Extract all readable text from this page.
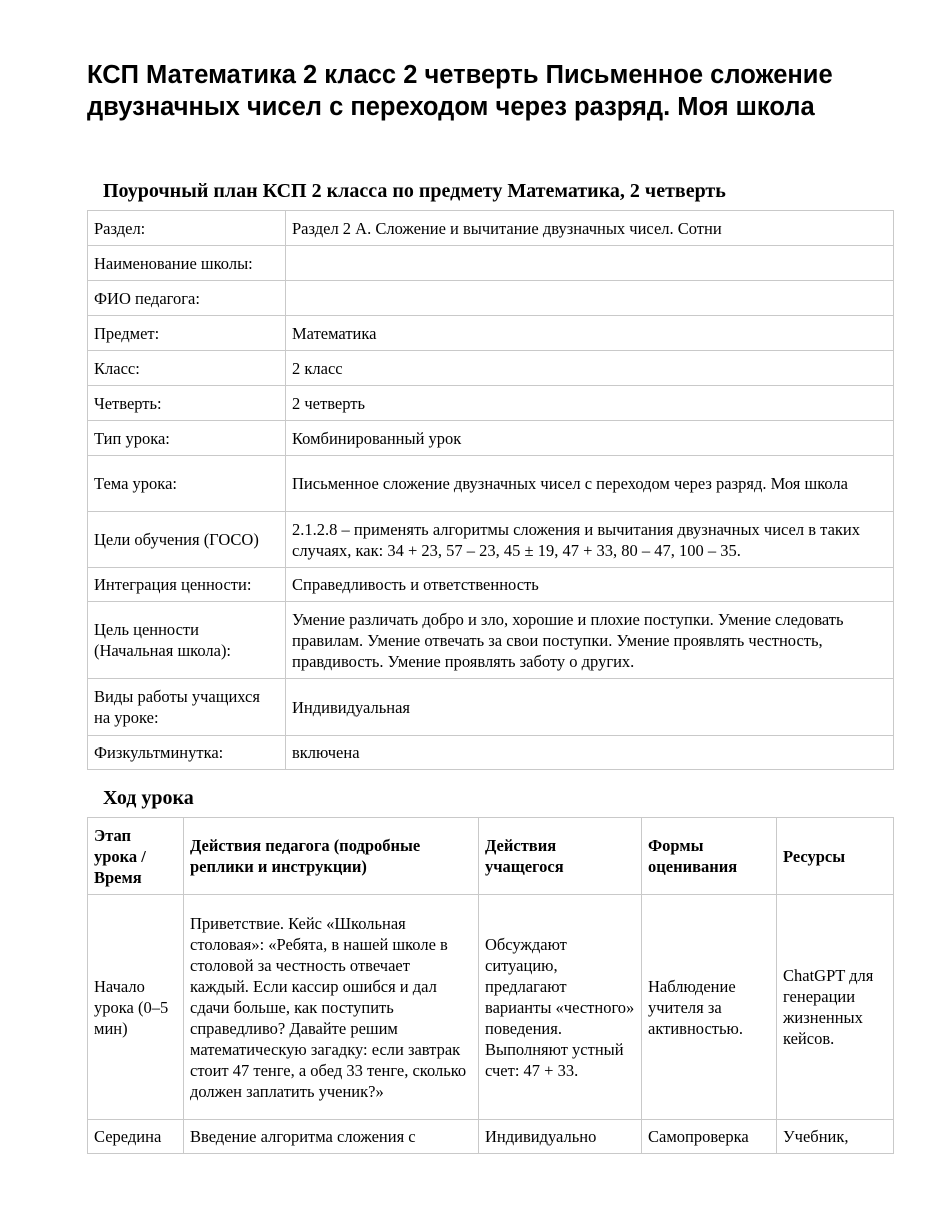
КСП Математика 2 класс 2 четверть Письменное сложение двузначных чисел с переходом через разряд. Моя школа
Поурочный план КСП 2 класса по предмету Математика, 2 четверть
Раздел:	Раздел 2 А. Сложение и вычитание двузначных чисел. Сотни
Наименование школы:	
ФИО педагога:	
Предмет:	Математика
Класс:	2 класс
Четверть:	2 четверть
Тип урока:	Комбинированный урок
Тема урока:	Письменное сложение двузначных чисел с переходом через разряд. Моя школа
Цели обучения (ГОСО)	2.1.2.8 – применять алгоритмы сложения и вычитания двузначных чисел в таких случаях, как: 34 + 23, 57 – 23, 45 ± 19, 47 + 33, 80 – 47, 100 – 35.
Интеграция ценности:	Справедливость и ответственность
Цель ценности (Начальная школа):	Умение различать добро и зло, хорошие и плохие поступки. Умение следовать правилам. Умение отвечать за свои поступки. Умение проявлять честность, правдивость. Умение проявлять заботу о других.
Виды работы учащихся на уроке:	Индивидуальная
Физкультминутка:	включена
Ход урока
Этап урока / Время	Действия педагога (подробные реплики и инструкции)	Действия учащегося	Формы оценивания	Ресурсы
Начало урока (0–5 мин)	Приветствие. Кейс «Школьная столовая»: «Ребята, в нашей школе в столовой за честность отвечает каждый. Если кассир ошибся и дал сдачи больше, как поступить справедливо? Давайте решим математическую загадку: если завтрак стоит 47 тенге, а обед 33 тенге, сколько должен заплатить ученик?»	Обсуждают ситуацию, предлагают варианты «честного» поведения. Выполняют устный счет: 47 + 33.	Наблюдение учителя за активностью.	ChatGPT для генерации жизненных кейсов.
Середина	Введение алгоритма сложения с	Индивидуально	Самопроверка	Учебник,
